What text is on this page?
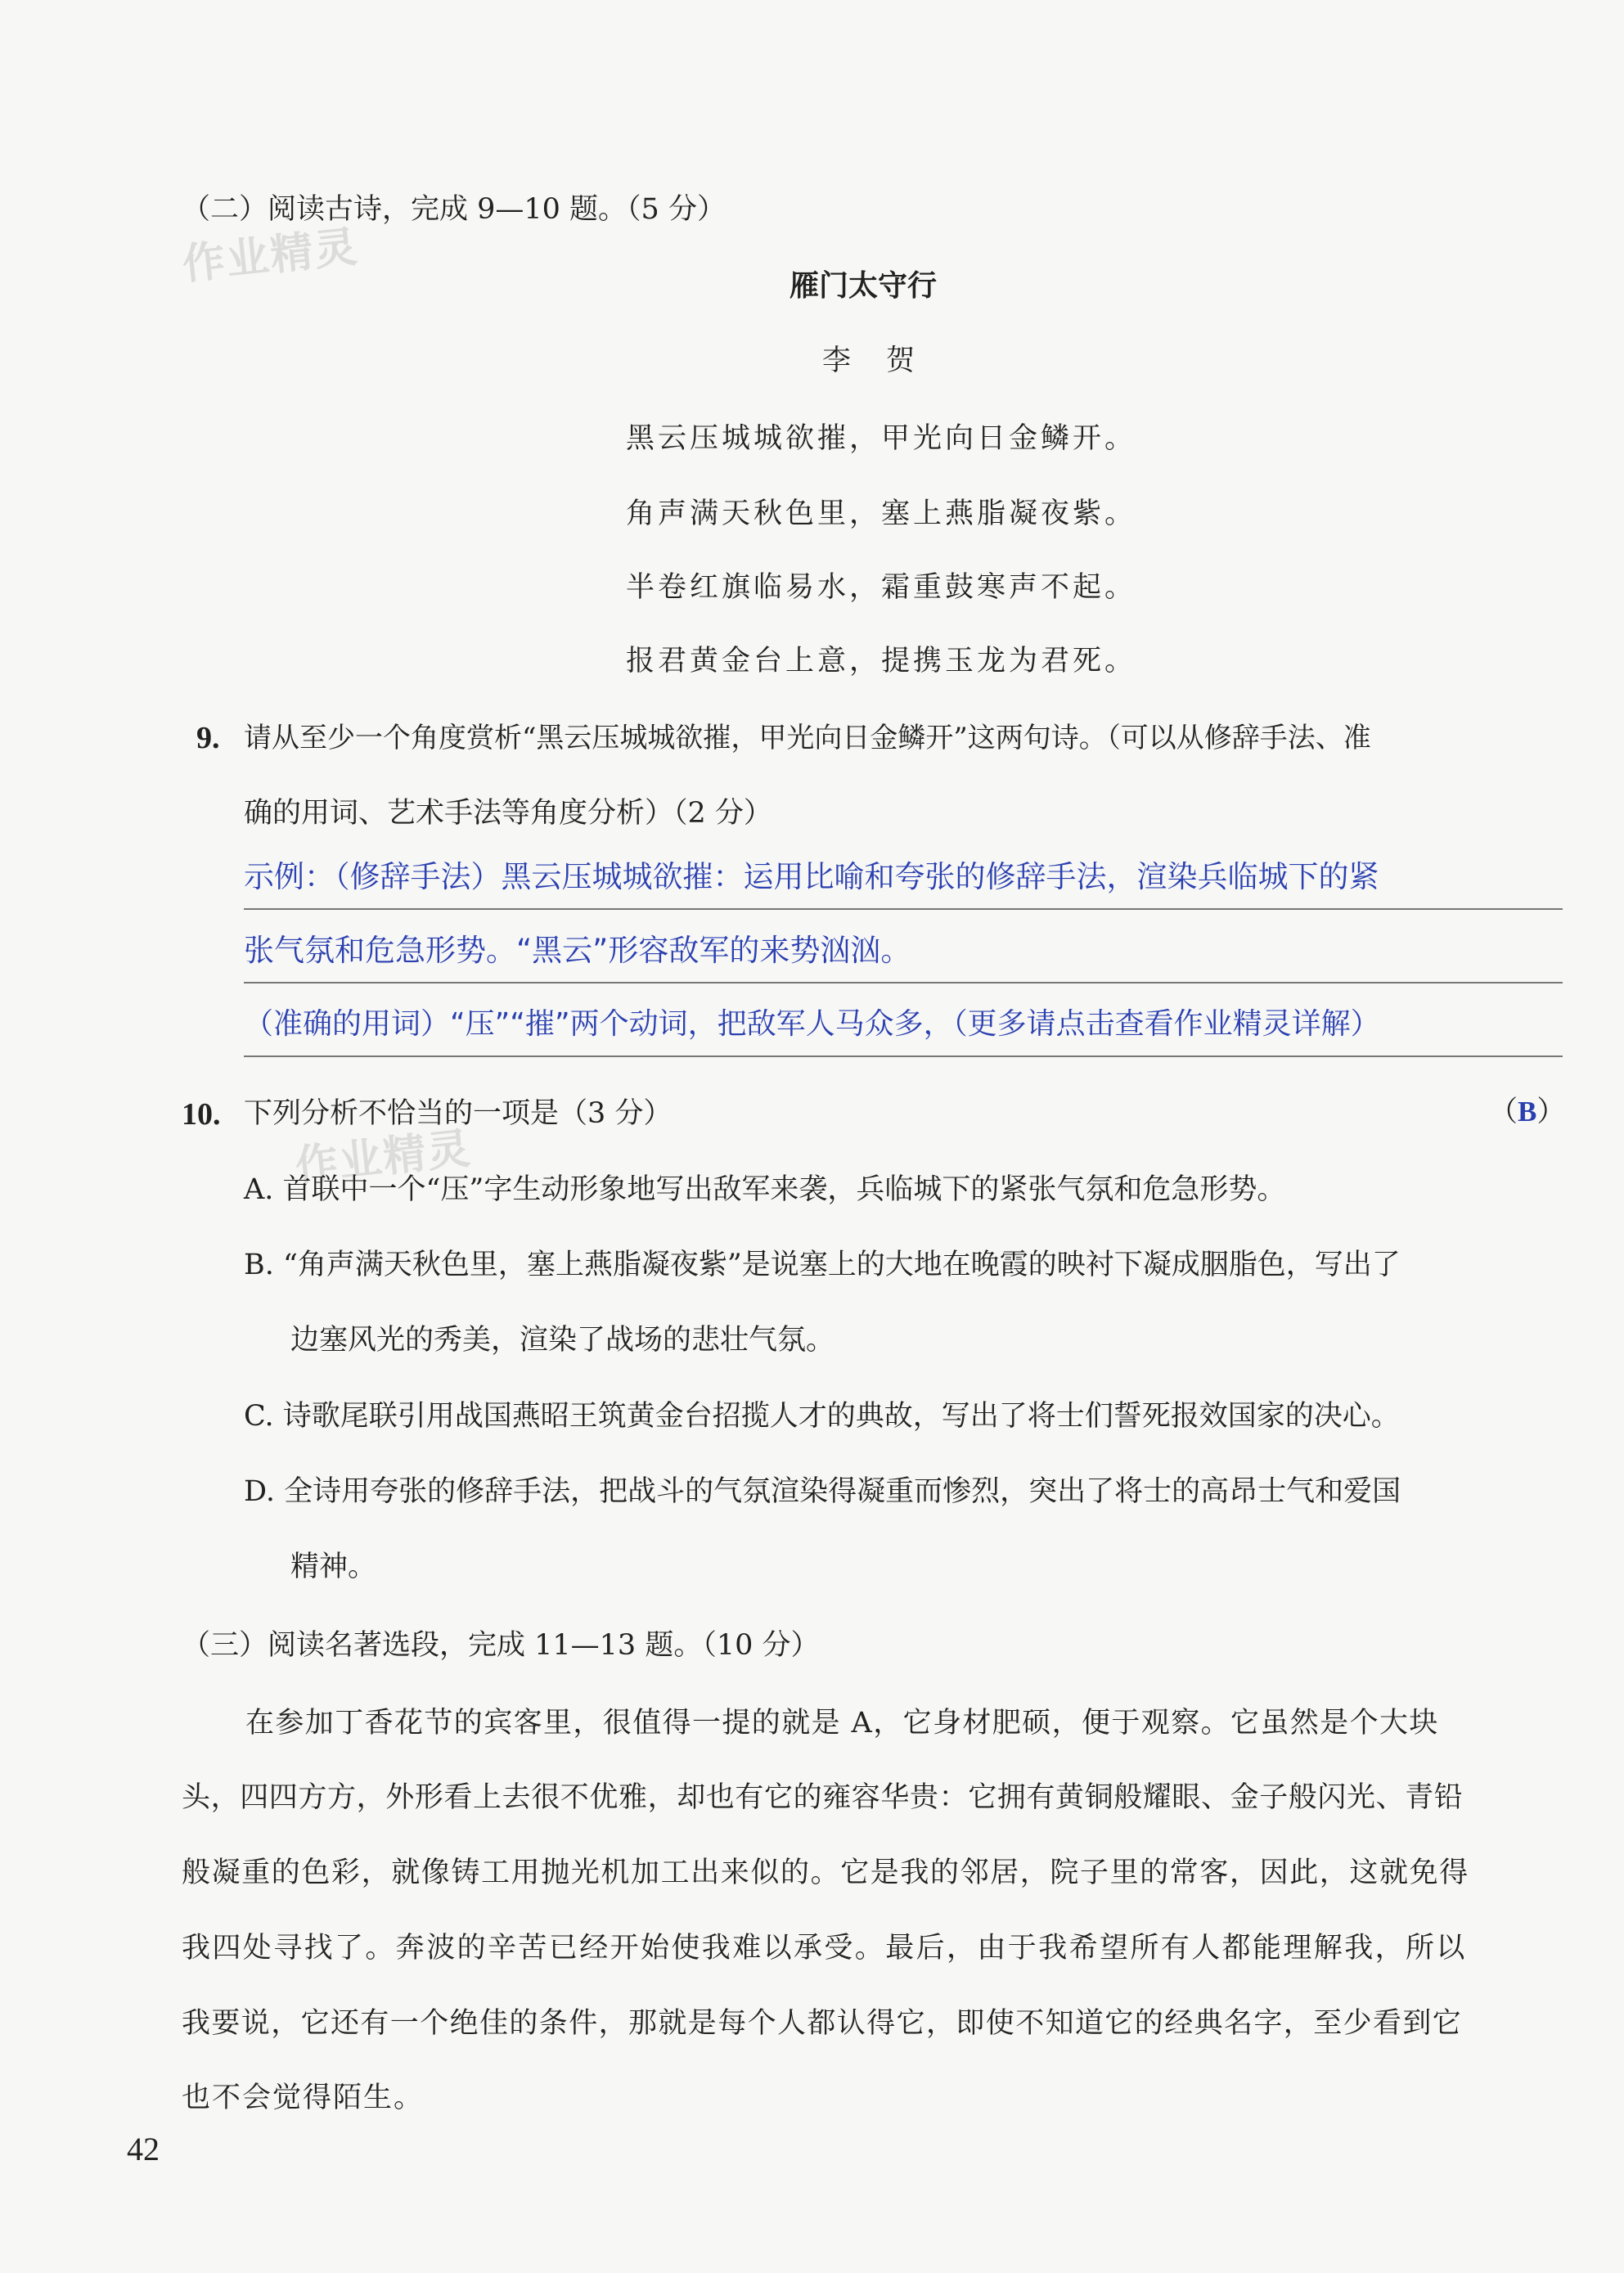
作业精灵
作业精灵
（二）阅读古诗，完成 9—10 题。（5 分）
雁门太守行
李　贺
黑云压城城欲摧，甲光向日金鳞开。
角声满天秋色里，塞上燕脂凝夜紫。
半卷红旗临易水，霜重鼓寒声不起。
报君黄金台上意，提携玉龙为君死。
9. 请从至少一个角度赏析“黑云压城城欲摧，甲光向日金鳞开”这两句诗。（可以从修辞手法、准
确的用词、艺术手法等角度分析）（2 分）
示例：（修辞手法）黑云压城城欲摧：运用比喻和夸张的修辞手法，渲染兵临城下的紧
张气氛和危急形势。“黑云”形容敌军的来势汹汹。
（准确的用词）“压”“摧”两个动词，把敌军人马众多，（更多请点击查看作业精灵详解）
10. 下列分析不恰当的一项是（3 分）	（B）
A. 首联中一个“压”字生动形象地写出敌军来袭，兵临城下的紧张气氛和危急形势。
B. “角声满天秋色里，塞上燕脂凝夜紫”是说塞上的大地在晚霞的映衬下凝成胭脂色，写出了
边塞风光的秀美，渲染了战场的悲壮气氛。
C. 诗歌尾联引用战国燕昭王筑黄金台招揽人才的典故，写出了将士们誓死报效国家的决心。
D. 全诗用夸张的修辞手法，把战斗的气氛渲染得凝重而惨烈，突出了将士的高昂士气和爱国
精神。
（三）阅读名著选段，完成 11—13 题。（10 分）
在参加丁香花节的宾客里，很值得一提的就是 A，它身材肥硕，便于观察。它虽然是个大块
头，四四方方，外形看上去很不优雅，却也有它的雍容华贵：它拥有黄铜般耀眼、金子般闪光、青铅
般凝重的色彩，就像铸工用抛光机加工出来似的。它是我的邻居，院子里的常客，因此，这就免得
我四处寻找了。奔波的辛苦已经开始使我难以承受。最后，由于我希望所有人都能理解我，所以
我要说，它还有一个绝佳的条件，那就是每个人都认得它，即使不知道它的经典名字，至少看到它
也不会觉得陌生。
42
